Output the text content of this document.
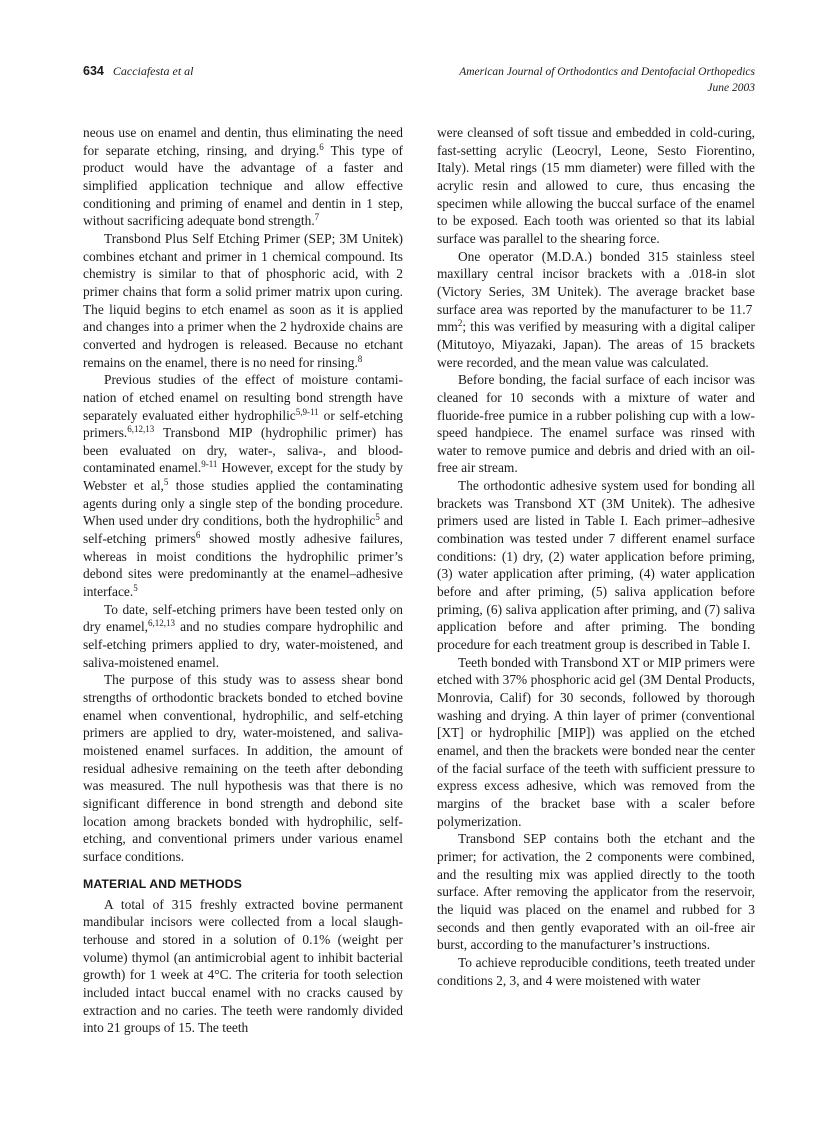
634 Cacciafesta et al	American Journal of Orthodontics and Dentofacial Orthopedics
June 2003

neous use on enamel and dentin, thus eliminating the need for separate etching, rinsing, and drying.$^6$ This type of product would have the advantage of a faster and simplified application technique and allow effective conditioning and priming of enamel and dentin in 1 step, without sacrificing adequate bond strength.$^7$

Transbond Plus Self Etching Primer (SEP; 3M Unitek) combines etchant and primer in 1 chemical compound. Its chemistry is similar to that of phosphoric acid, with 2 primer chains that form a solid primer matrix upon curing. The liquid begins to etch enamel as soon as it is applied and changes into a primer when the 2 hydroxide chains are converted and hydrogen is released. Because no etchant remains on the enamel, there is no need for rinsing.$^8$

Previous studies of the effect of moisture contamination of etched enamel on resulting bond strength have separately evaluated either hydrophilic$^{5,9-11}$ or self-etching primers.$^{6,12,13}$ Transbond MIP (hydrophilic primer) has been evaluated on dry, water-, saliva-, and blood-contaminated enamel.$^{9-11}$ However, except for the study by Webster et al,$^5$ those studies applied the contaminating agents during only a single step of the bonding procedure. When used under dry conditions, both the hydrophilic$^5$ and self-etching primers$^6$ showed mostly adhesive failures, whereas in moist conditions the hydrophilic primer’s debond sites were predominantly at the enamel–adhesive interface.$^5$

To date, self-etching primers have been tested only on dry enamel,$^{6,12,13}$ and no studies compare hydrophilic and self-etching primers applied to dry, water-moistened, and saliva-moistened enamel.

The purpose of this study was to assess shear bond strengths of orthodontic brackets bonded to etched bovine enamel when conventional, hydrophilic, and self-etching primers are applied to dry, water-moistened, and saliva-moistened enamel surfaces. In addition, the amount of residual adhesive remaining on the teeth after debonding was measured. The null hypothesis was that there is no significant difference in bond strength and debond site location among brackets bonded with hydrophilic, self-etching, and conventional primers under various enamel surface conditions.

MATERIAL AND METHODS

A total of 315 freshly extracted bovine permanent mandibular incisors were collected from a local slaughterhouse and stored in a solution of 0.1% (weight per volume) thymol (an antimicrobial agent to inhibit bacterial growth) for 1 week at 4°C. The criteria for tooth selection included intact buccal enamel with no cracks caused by extraction and no caries. The teeth were randomly divided into 21 groups of 15. The teeth

were cleansed of soft tissue and embedded in cold-curing, fast-setting acrylic (Leocryl, Leone, Sesto Fiorentino, Italy). Metal rings (15 mm diameter) were filled with the acrylic resin and allowed to cure, thus encasing the specimen while allowing the buccal surface of the enamel to be exposed. Each tooth was oriented so that its labial surface was parallel to the shearing force.

One operator (M.D.A.) bonded 315 stainless steel maxillary central incisor brackets with a .018-in slot (Victory Series, 3M Unitek). The average bracket base surface area was reported by the manufacturer to be 11.7 $mm^2$; this was verified by measuring with a digital caliper (Mitutoyo, Miyazaki, Japan). The areas of 15 brackets were recorded, and the mean value was calculated.

Before bonding, the facial surface of each incisor was cleaned for 10 seconds with a mixture of water and fluoride-free pumice in a rubber polishing cup with a low-speed handpiece. The enamel surface was rinsed with water to remove pumice and debris and dried with an oil-free air stream.

The orthodontic adhesive system used for bonding all brackets was Transbond XT (3M Unitek). The adhesive primers used are listed in Table I. Each primer–adhesive combination was tested under 7 different enamel surface conditions: (1) dry, (2) water application before priming, (3) water application after priming, (4) water application before and after priming, (5) saliva application before priming, (6) saliva application after priming, and (7) saliva application before and after priming. The bonding procedure for each treatment group is described in Table I.

Teeth bonded with Transbond XT or MIP primers were etched with 37% phosphoric acid gel (3M Dental Products, Monrovia, Calif) for 30 seconds, followed by thorough washing and drying. A thin layer of primer (conventional [XT] or hydrophilic [MIP]) was applied on the etched enamel, and then the brackets were bonded near the center of the facial surface of the teeth with sufficient pressure to express excess adhesive, which was removed from the margins of the bracket base with a scaler before polymerization.

Transbond SEP contains both the etchant and the primer; for activation, the 2 components were combined, and the resulting mix was applied directly to the tooth surface. After removing the applicator from the reservoir, the liquid was placed on the enamel and rubbed for 3 seconds and then gently evaporated with an oil-free air burst, according to the manufacturer’s instructions.

To achieve reproducible conditions, teeth treated under conditions 2, 3, and 4 were moistened with water
